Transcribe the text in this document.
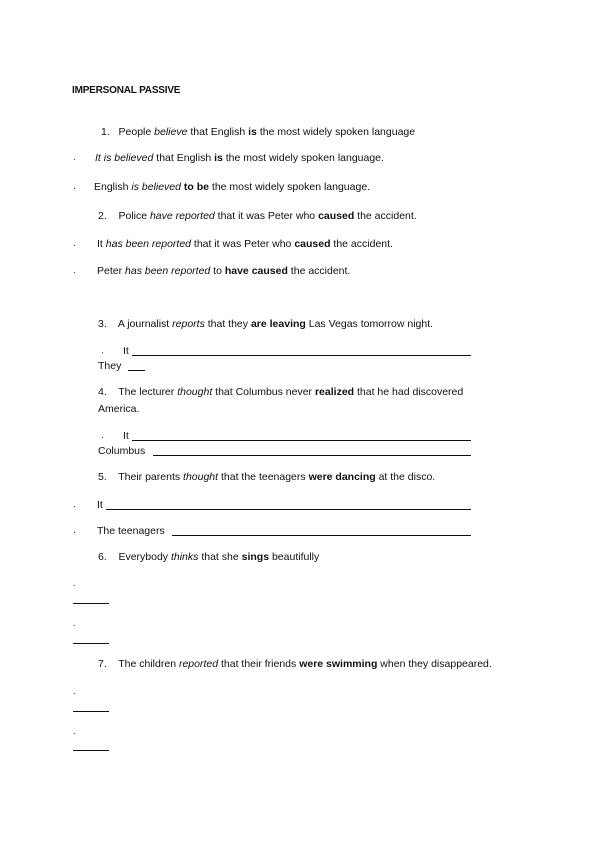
IMPERSONAL PASSIVE
1. People believe that English is the most widely spoken language
· It is believed that English is the most widely spoken language.
· English is believed to be the most widely spoken language.
2. Police have reported that it was Peter who caused the accident.
· It has been reported that it was Peter who caused the accident.
· Peter has been reported to have caused the accident.
3. A journalist reports that they are leaving Las Vegas tomorrow night.
· It
They
4. The lecturer thought that Columbus never realized that he had discovered
America.
· It
Columbus
5. Their parents thought that the teenagers were dancing at the disco.
· It
· The teenagers
6. Everybody thinks that she sings beautifully
.
.
7. The children reported that their friends were swimming when they disappeared.
.
.
